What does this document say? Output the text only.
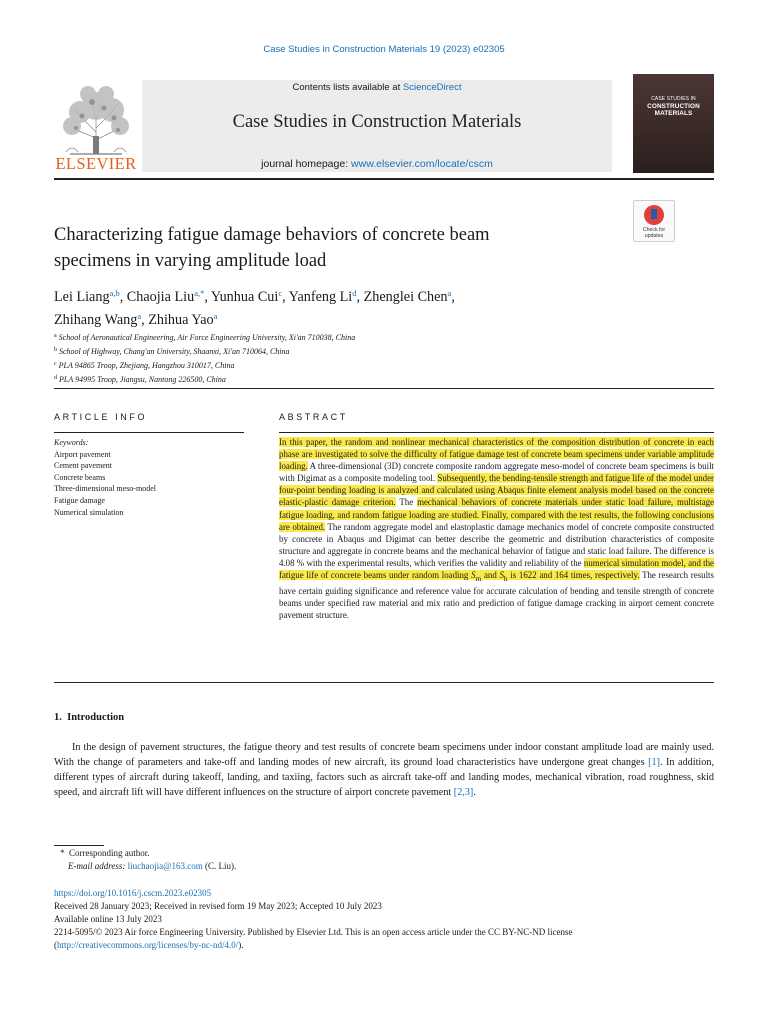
Case Studies in Construction Materials 19 (2023) e02305
Contents lists available at ScienceDirect
Case Studies in Construction Materials
journal homepage: www.elsevier.com/locate/cscm
ELSEVIER
CASE STUDIES IN
CONSTRUCTION
MATERIALS
Characterizing fatigue damage behaviors of concrete beam
specimens in varying amplitude load
Check for
updates
Lei Liang$^{a,b}$, Chaojia Liu$^{a,*}$, Yunhua Cui$^c$, Yanfeng Li$^d$, Zhenglei Chen$^a$,
Zhihang Wang$^a$, Zhihua Yao$^a$
$^a$ School of Aeronautical Engineering, Air Force Engineering University, Xi'an 710038, China
$^b$ School of Highway, Chang'an University, Shaanxi, Xi'an 710064, China
$^c$ PLA 94865 Troop, Zhejiang, Hangzhou 310017, China
$^d$ PLA 94995 Troop, Jiangsu, Nantong 226500, China
ARTICLE INFO	ABSTRACT
Keywords:
Airport pavement
Cement pavement
Concrete beams
Three-dimensional meso-model
Fatigue damage
Numerical simulation
In this paper, the random and nonlinear mechanical characteristics of the composition distribution of concrete in each phase are investigated to solve the difficulty of fatigue damage test of concrete beam specimens under variable amplitude loading. A three-dimensional (3D) concrete composite random aggregate meso-model of concrete beam specimens is built with Digimat as a composite modeling tool. Subsequently, the bending-tensile strength and fatigue life of the model under four-point bending loading is analyzed and calculated using Abaqus finite element analysis model based on the concrete elastic-plastic damage criterion. The mechanical behaviors of concrete materials under static load failure, multistage fatigue loading, and random fatigue loading are studied. Finally, compared with the test results, the following conclusions are obtained. The random aggregate model and elastoplastic damage mechanics model of concrete composite constructed by concrete in Abaqus and Digimat can better describe the geometric and distribution characteristics of composite structure and aggregate in concrete beams and the mechanical behavior of fatigue and static load failure. The difference is 4.08 % with the experimental results, which verifies the validity and reliability of the numerical simulation model, and the fatigue life of concrete beams under random loading $S_m$ and $S_h$ is 1622 and 164 times, respectively. The research results have certain guiding significance and reference value for accurate calculation of bending and tensile strength of concrete beams under specified raw material and mix ratio and prediction of fatigue damage cracking in airport cement concrete pavement structure.
1. Introduction
In the design of pavement structures, the fatigue theory and test results of concrete beam specimens under indoor constant amplitude load are mainly used. With the change of parameters and take-off and landing modes of new aircraft, its ground load characteristics have undergone great changes [1]. In addition, different types of aircraft during takeoff, landing, and taxiing, factors such as aircraft take-off and landing modes, mechanical vibration, road roughness, skid speed, and aircraft lift will have different influences on the structure of airport concrete pavement [2,3].
* Corresponding author.
E-mail address: liuchaojia@163.com (C. Liu).
https://doi.org/10.1016/j.cscm.2023.e02305
Received 28 January 2023; Received in revised form 19 May 2023; Accepted 10 July 2023
Available online 13 July 2023
2214-5095/© 2023 Air force Engineering University. Published by Elsevier Ltd. This is an open access article under the CC BY-NC-ND license
(http://creativecommons.org/licenses/by-nc-nd/4.0/).
